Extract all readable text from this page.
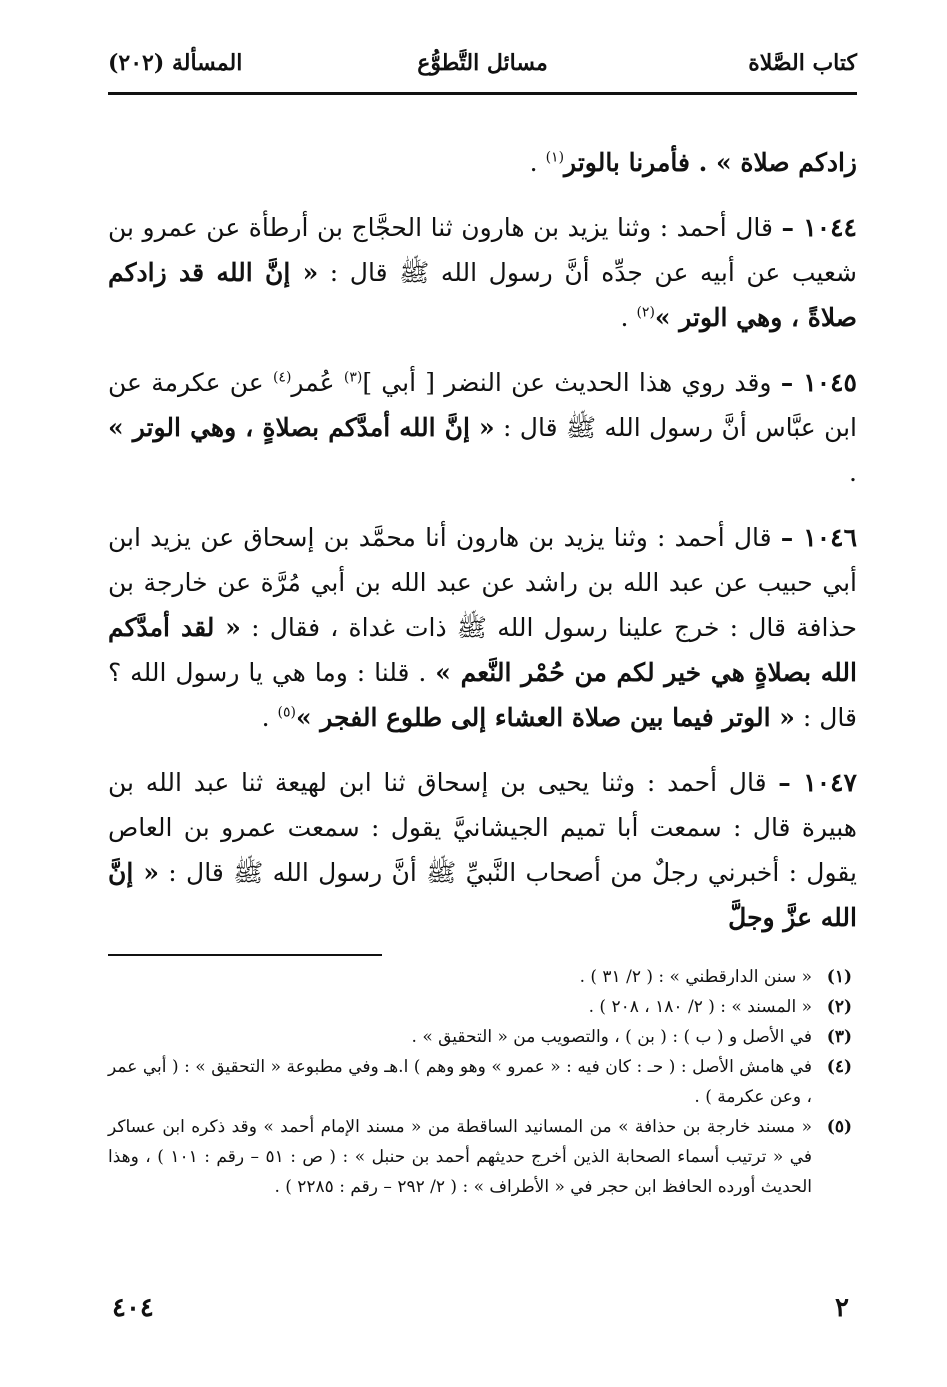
كتاب الصَّلاة
مسائل التَّطوُّع
المسألة (٢٠٢)

زادكم صلاة » . فأمرنا بالوتر$^{(١)}$ .

١٠٤٤ – قال أحمد : وثنا يزيد بن هارون ثنا الحجَّاج بن أرطأة عن عمرو بن شعيب عن أبيه عن جدِّه أنَّ رسول الله ﷺ قال : « إنَّ الله قد زادكم صلاةً ، وهي الوتر »$^{(٢)}$ .

١٠٤٥ – وقد روي هذا الحديث عن النضر [ أبي ]$^{(٣)}$ عُمر$^{(٤)}$ عن عكرمة عن ابن عبَّاس أنَّ رسول الله ﷺ قال : « إنَّ الله أمدَّكم بصلاةٍ ، وهي الوتر » .

١٠٤٦ – قال أحمد : وثنا يزيد بن هارون أنا محمَّد بن إسحاق عن يزيد ابن أبي حبيب عن عبد الله بن راشد عن عبد الله بن أبي مُرَّة عن خارجة بن حذافة قال : خرج علينا رسول الله ﷺ ذات غداة ، فقال : « لقد أمدَّكم الله بصلاةٍ هي خير لكم من حُمْر النَّعم » . قلنا : وما هي يا رسول الله ؟ قال : « الوتر فيما بين صلاة العشاء إلى طلوع الفجر »$^{(٥)}$ .

١٠٤٧ – قال أحمد : وثنا يحيى بن إسحاق ثنا ابن لهيعة ثنا عبد الله بن هبيرة قال : سمعت أبا تميم الجيشانيَّ يقول : سمعت عمرو بن العاص يقول : أخبرني رجلٌ من أصحاب النَّبيِّ ﷺ أنَّ رسول الله ﷺ قال : « إنَّ الله عزَّ وجلَّ

(١)
« سنن الدارقطني » : ( ٢/ ٣١ ) .
(٢)
« المسند » : ( ٢/ ١٨٠ ، ٢٠٨ ) .
(٣)
في الأصل و ( ب ) : ( بن ) ، والتصويب من « التحقيق » .
(٤)
في هامش الأصل : ( حـ : كان فيه : « عمرو » وهو وهم ) ا.هـ وفي مطبوعة « التحقيق » : ( أبي عمر ، وعن عكرمة ) .
(٥)
« مسند خارجة بن حذافة » من المسانيد الساقطة من « مسند الإمام أحمد » وقد ذكره ابن عساكر في « ترتيب أسماء الصحابة الذين أخرج حديثهم أحمد بن حنبل » : ( ص : ٥١ – رقم : ١٠١ ) ، وهذا الحديث أورده الحافظ ابن حجر في « الأطراف » : ( ٢/ ٢٩٢ – رقم : ٢٢٨٥ ) .
٢
٤٠٤
